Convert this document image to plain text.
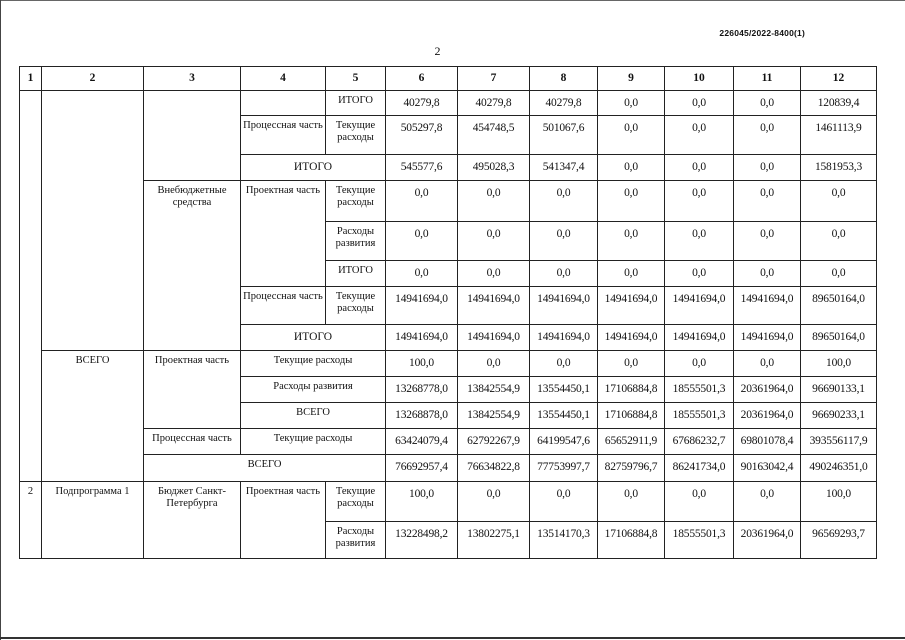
226045/2022-8400(1)
2
1	2	3	4	5	6	7	8	9	10	11	12
				ИТОГО	40279,8	40279,8	40279,8	0,0	0,0	0,0	120839,4
			Процессная часть	Текущие расходы	505297,8	454748,5	501067,6	0,0	0,0	0,0	1461113,9
			ИТОГО		545577,6	495028,3	541347,4	0,0	0,0	0,0	1581953,3
		Внебюджетные средства	Проектная часть	Текущие расходы	0,0	0,0	0,0	0,0	0,0	0,0	0,0
				Расходы развития	0,0	0,0	0,0	0,0	0,0	0,0	0,0
				ИТОГО	0,0	0,0	0,0	0,0	0,0	0,0	0,0
			Процессная часть	Текущие расходы	14941694,0	14941694,0	14941694,0	14941694,0	14941694,0	14941694,0	89650164,0
			ИТОГО		14941694,0	14941694,0	14941694,0	14941694,0	14941694,0	14941694,0	89650164,0
	ВСЕГО	Проектная часть	Текущие расходы		100,0	0,0	0,0	0,0	0,0	0,0	100,0
			Расходы развития		13268778,0	13842554,9	13554450,1	17106884,8	18555501,3	20361964,0	96690133,1
			ВСЕГО		13268878,0	13842554,9	13554450,1	17106884,8	18555501,3	20361964,0	96690233,1
		Процессная часть	Текущие расходы		63424079,4	62792267,9	64199547,6	65652911,9	67686232,7	69801078,4	393556117,9
		ВСЕГО			76692957,4	76634822,8	77753997,7	82759796,7	86241734,0	90163042,4	490246351,0
2	Подпрограмма 1	Бюджет Санкт-Петербурга	Проектная часть	Текущие расходы	100,0	0,0	0,0	0,0	0,0	0,0	100,0
				Расходы развития	13228498,2	13802275,1	13514170,3	17106884,8	18555501,3	20361964,0	96569293,7
